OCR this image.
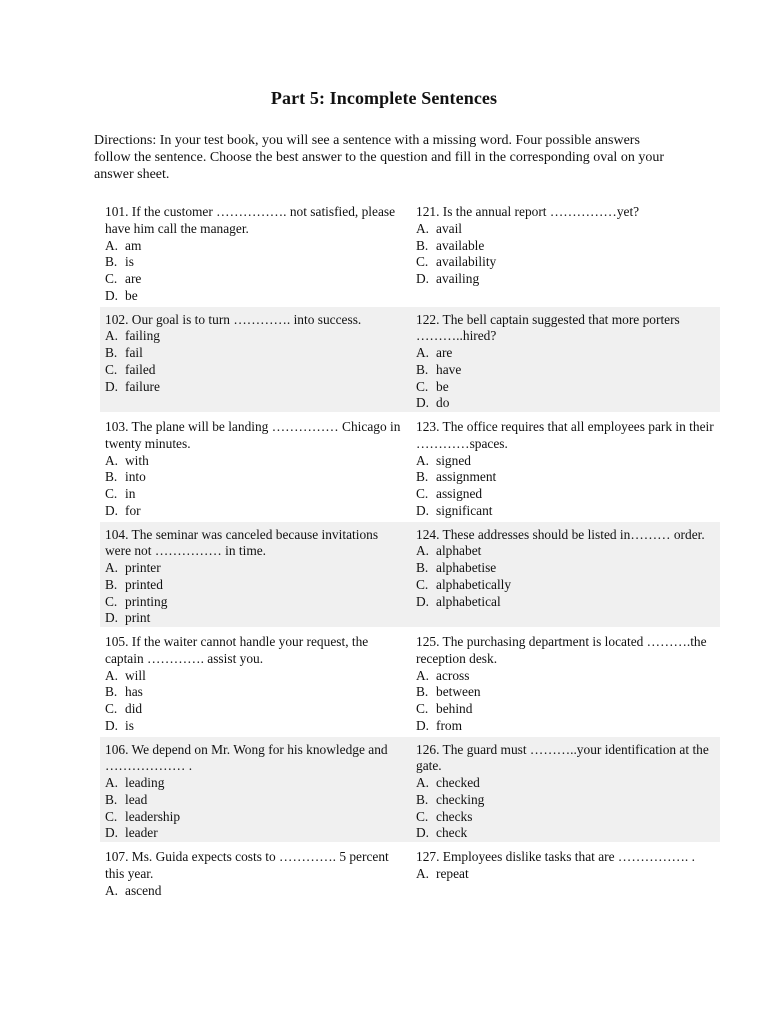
Part 5: Incomplete Sentences
Directions: In your test book, you will see a sentence with a missing word. Four possible answers follow the sentence. Choose the best answer to the question and fill in the corresponding oval on your answer sheet.
101. If the customer ……………. not satisfied, please have him call the manager.
A. am
B. is
C. are
D. be
121. Is the annual report ……………yet?
A. avail
B. available
C. availability
D. availing
102. Our goal is to turn …………. into success.
A. failing
B. fail
C. failed
D. failure
122. The bell captain suggested that more porters ………..hired?
A. are
B. have
C. be
D. do
103. The plane will be landing …………… Chicago in twenty minutes.
A. with
B. into
C. in
D. for
123. The office requires that all employees park in their …………spaces.
A. signed
B. assignment
C. assigned
D. significant
104. The seminar was canceled because invitations were not …………… in time.
A. printer
B. printed
C. printing
D. print
124. These addresses should be listed in……… order.
A. alphabet
B. alphabetise
C. alphabetically
D. alphabetical
105. If the waiter cannot handle your request, the captain …………. assist you.
A. will
B. has
C. did
D. is
125. The purchasing department is located ……….the reception desk.
A. across
B. between
C. behind
D. from
106. We depend on Mr. Wong for his knowledge and ……………… .
A. leading
B. lead
C. leadership
D. leader
126. The guard must ………..your identification at the gate.
A. checked
B. checking
C. checks
D. check
107. Ms. Guida expects costs to …………. 5 percent this year.
A. ascend
127. Employees dislike tasks that are ……………. .
A. repeat
